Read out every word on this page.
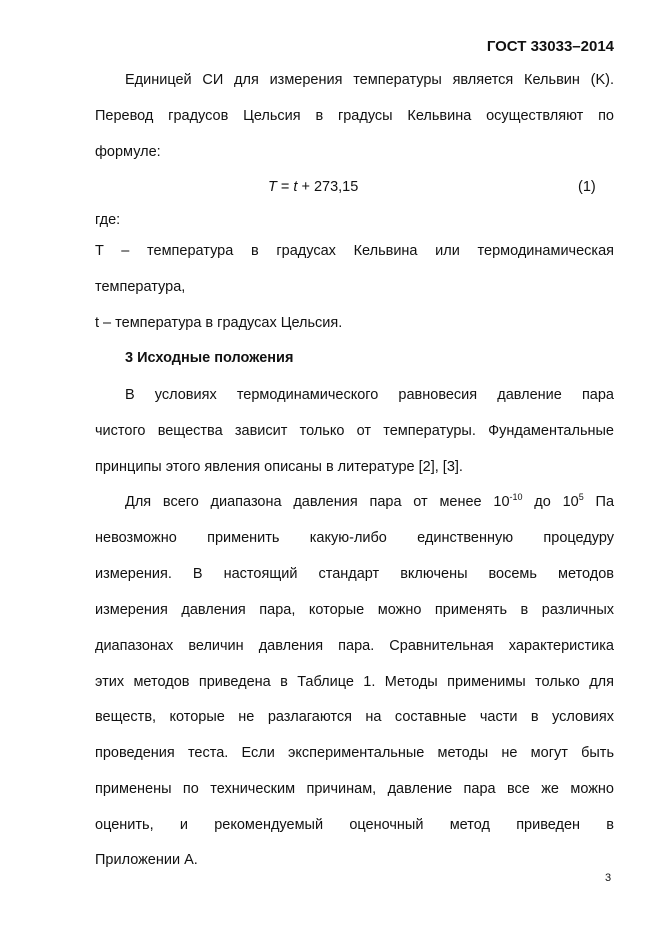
ГОСТ 33033–2014
Единицей СИ для измерения температуры является Кельвин (K).
Перевод градусов Цельсия в градусы Кельвина осуществляют по
формуле:
T = t + 273,15	(1)
где:
T – температура в градусах Кельвина или термодинамическая
температура,
t – температура в градусах Цельсия.
3 Исходные положения
В условиях термодинамического равновесия давление пара
чистого вещества зависит только от температуры. Фундаментальные
принципы этого явления описаны в литературе [2], [3].
Для всего диапазона давления пара от менее $10^{-10}$ до $10^5$ Па
невозможно применить какую-либо единственную процедуру
измерения. В настоящий стандарт включены восемь методов
измерения давления пара, которые можно применять в различных
диапазонах величин давления пара. Сравнительная характеристика
этих методов приведена в Таблице 1. Методы применимы только для
веществ, которые не разлагаются на составные части в условиях
проведения теста. Если экспериментальные методы не могут быть
применены по техническим причинам, давление пара все же можно
оценить, и рекомендуемый оценочный метод приведен в
Приложении А.
3
